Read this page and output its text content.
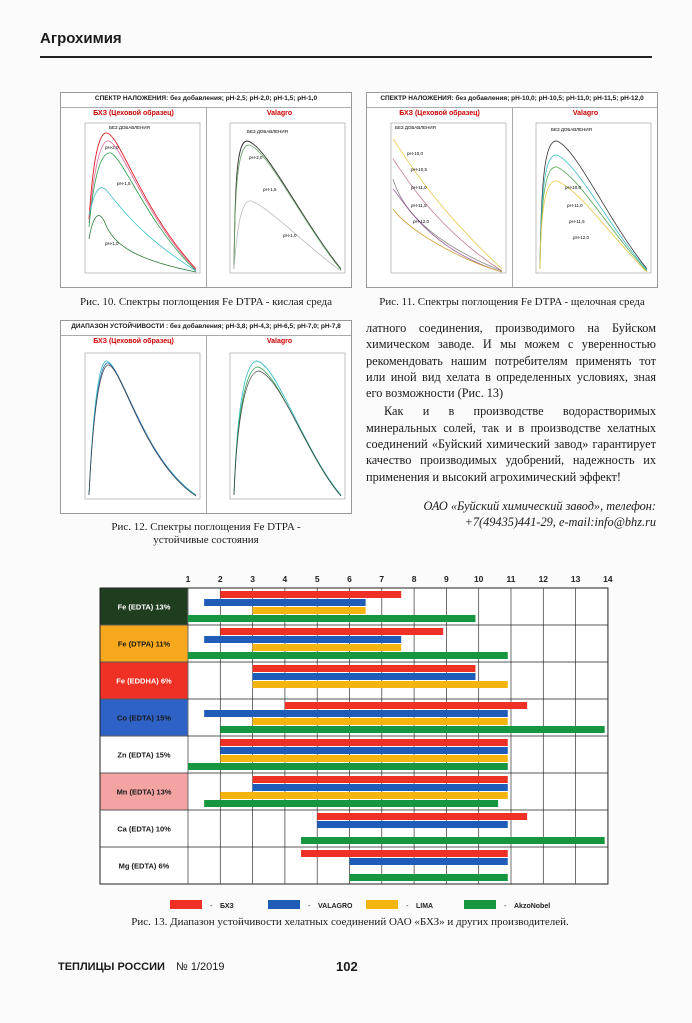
Агрохимия
СПЕКТР НАЛОЖЕНИЯ: без добавления; pH-2,5; pH-2,0; pH-1,5; pH-1,0
БХЗ (Цеховой образец)	Valagro
БЕЗ ДОБАВЛЕНИЯ
pH-2,0
pH-1,5
pH-1,0
БЕЗ ДОБАВЛЕНИЯ
pH-2,0
pH-1,5
pH-1,0
Рис. 10. Спектры поглощения Fe DTPA - кислая среда
СПЕКТР НАЛОЖЕНИЯ: без добавления; pH-10,0; pH-10,5; pH-11,0; pH-11,5; pH-12,0
БХЗ (Цеховой образец)	Valagro
БЕЗ ДОБАВЛЕНИЯ
pH-10,0
pH-10,5
pH-11,0
pH-11,5
pH-12,0
БЕЗ ДОБАВЛЕНИЯ
pH-10,0
pH-11,0
pH-11,5
pH-12,0
Рис. 11. Спектры поглощения Fe DTPA - щелочная среда
ДИАПАЗОН УСТОЙЧИВОСТИ : без добавления; pH-3,8; pH-4,3; pH-6,5; pH-7,0; pH-7,8
БХЗ (Цеховой образец)	Valagro
Рис. 12. Спектры поглощения Fe DTPA -
устойчивые состояния

латного соединения, производимого на Буйском химическом заводе. И мы можем с уверенностью рекомендовать нашим потребителям применять тот или иной вид хелата в определенных условиях, зная его возможности (Рис. 13)

Как и в производстве водорастворимых минеральных солей, так и в производстве хелатных соединений «Буйский химический завод» гарантирует качество производимых удобрений, надежность их применения и высокий агрохимический эффект!

ОАО «Буйский химический завод», телефон:
+7(49435)441-29, e-mail:info@bhz.ru
1	2	3	4	5	6	7	8	9	10	11	12	13	14
Fe (EDTA) 13%
Fe (DTPA) 11%
Fe (EDDHA) 6%
Co (EDTA) 15%
Zn (EDTA) 15%
Mn (EDTA) 13%
Ca (EDTA) 10%
Mg (EDTA) 6%
- БХЗ	- VALAGRO	- LIMA	- AkzoNobel
Рис. 13. Диапазон устойчивости хелатных соединений ОАО «БХЗ» и других производителей.
ТЕПЛИЦЫ РОССИИ № 1/2019	102
